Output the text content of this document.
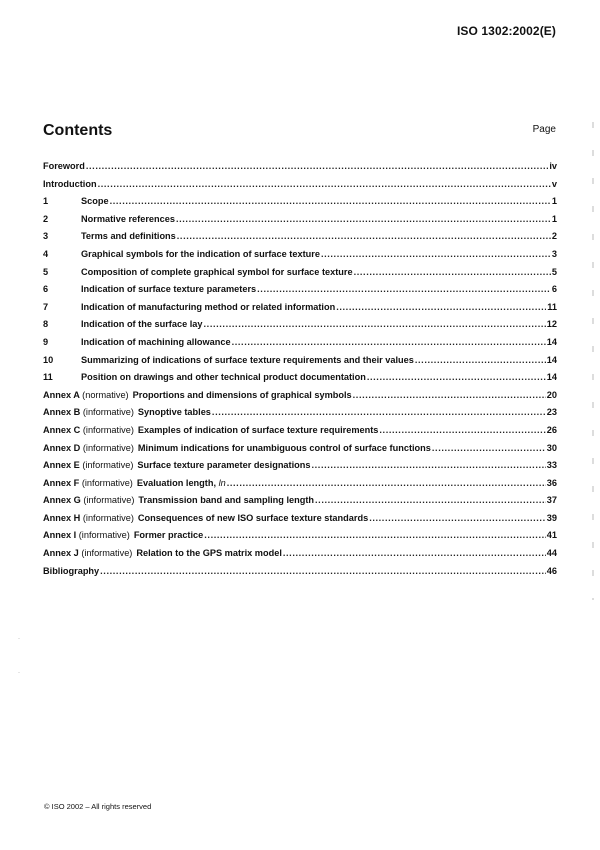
ISO 1302:2002(E)
Contents	Page
Foreword .....	iv
Introduction .....	v
1	Scope .....	1
2	Normative references .....	1
3	Terms and definitions .....	2
4	Graphical symbols for the indication of surface texture .....	3
5	Composition of complete graphical symbol for surface texture .....	5
6	Indication of surface texture parameters .....	6
7	Indication of manufacturing method or related information .....	11
8	Indication of the surface lay .....	12
9	Indication of machining allowance .....	14
10	Summarizing of indications of surface texture requirements and their values .....	14
11	Position on drawings and other technical product documentation .....	14
Annex A (normative) Proportions and dimensions of graphical symbols .....	20
Annex B (informative) Synoptive tables .....	23
Annex C (informative) Examples of indication of surface texture requirements .....	26
Annex D (informative) Minimum indications for unambiguous control of surface functions .....	30
Annex E (informative) Surface texture parameter designations .....	33
Annex F (informative) Evaluation length, ln .....	36
Annex G (informative) Transmission band and sampling length .....	37
Annex H (informative) Consequences of new ISO surface texture standards .....	39
Annex I (informative) Former practice .....	41
Annex J (informative) Relation to the GPS matrix model .....	44
Bibliography .....	46
·
·
© ISO 2002 – All rights reserved
